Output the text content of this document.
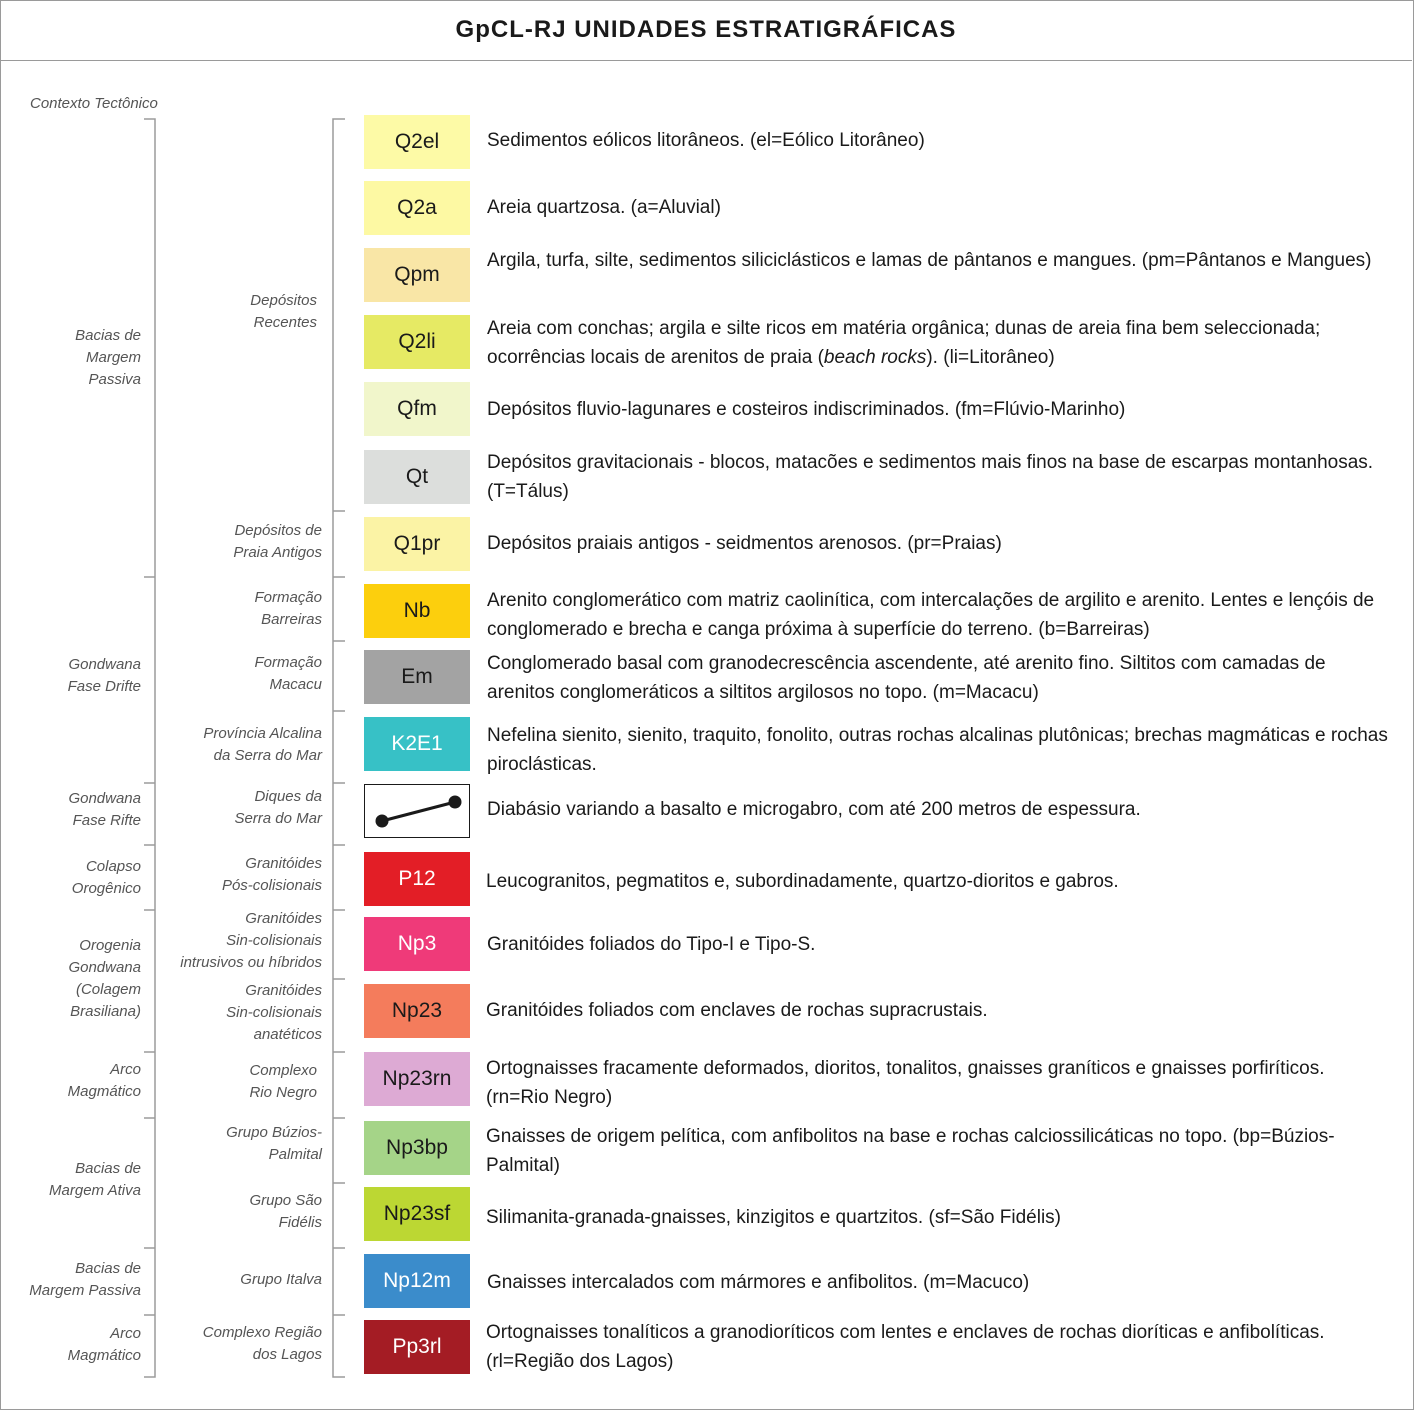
GpCL-RJ UNIDADES ESTRATIGRÁFICAS
Contexto Tectônico
Bacias de
Margem
Passiva
Gondwana
Fase Drifte
Gondwana
Fase Rifte
Colapso
Orogênico
Orogenia
Gondwana
(Colagem
Brasiliana)
Arco
Magmático
Bacias de
Margem Ativa
Bacias de
Margem Passiva
Arco
Magmático
Depósitos
Recentes
Depósitos de
Praia Antigos
Formação
Barreiras
Formação
Macacu
Província Alcalina
da Serra do Mar
Diques da
Serra do Mar
Granitóides
Pós-colisionais
Granitóides
Sin-colisionais
intrusivos ou híbridos
Granitóides
Sin-colisionais
anatéticos
Complexo
Rio Negro
Grupo Búzios-
Palmital
Grupo São
Fidélis
Grupo Italva
Complexo Região
dos Lagos
Q2el
Q2a
Qpm
Q2li
Qfm
Qt
Q1pr
Nb
Em
K2E1
P12
Np3
Np23
Np23rn
Np3bp
Np23sf
Np12m
Pp3rl
Sedimentos eólicos litorâneos. (el=Eólico Litorâneo)
Areia quartzosa. (a=Aluvial)
Argila, turfa, silte, sedimentos siliciclásticos e lamas de pântanos e mangues. (pm=Pântanos e Mangues)
Areia com conchas; argila e silte ricos em matéria orgânica; dunas de areia fina bem seleccionada; ocorrências locais de arenitos de praia (beach rocks). (li=Litorâneo)
Depósitos fluvio-lagunares e costeiros indiscriminados. (fm=Flúvio-Marinho)
Depósitos gravitacionais - blocos, matacões e sedimentos mais finos na base de escarpas montanhosas. (T=Tálus)
Depósitos praiais antigos - seidmentos arenosos. (pr=Praias)
Arenito conglomerático com matriz caolinítica, com intercalações de argilito e arenito. Lentes e lençóis de conglomerado e brecha e canga próxima à superfície do terreno. (b=Barreiras)
Conglomerado basal com granodecrescência ascendente, até arenito fino. Siltitos com camadas de arenitos conglomeráticos a siltitos argilosos no topo. (m=Macacu)
Nefelina sienito, sienito, traquito, fonolito, outras rochas alcalinas plutônicas; brechas magmáticas e rochas piroclásticas.
Diabásio variando a basalto e microgabro, com até 200 metros de espessura.
Leucogranitos, pegmatitos e, subordinadamente, quartzo-dioritos e gabros.
Granitóides foliados do Tipo-I e Tipo-S.
Granitóides foliados com enclaves de rochas supracrustais.
Ortognaisses fracamente deformados, dioritos, tonalitos, gnaisses graníticos e gnaisses porfiríticos. (rn=Rio Negro)
Gnaisses de origem pelítica, com anfibolitos na base e rochas calciossilicáticas no topo. (bp=Búzios-Palmital)
Silimanita-granada-gnaisses, kinzigitos e quartzitos. (sf=São Fidélis)
Gnaisses intercalados com mármores e anfibolitos. (m=Macuco)
Ortognaisses tonalíticos a granodioríticos com lentes e enclaves de rochas dioríticas e anfibolíticas. (rl=Região dos Lagos)
